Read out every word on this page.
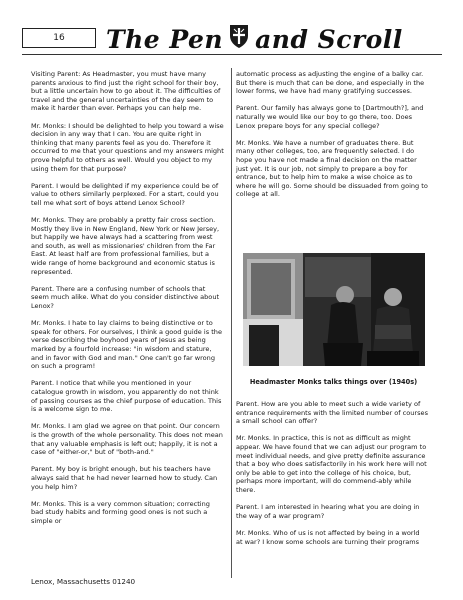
16	The Pen and Scroll

Visiting Parent: As Headmaster, you must have many parents anxious to find just the right school for their boy, but a little uncertain how to go about it. The difficulties of travel and the general uncertainties of the day seem to make it harder than ever. Perhaps you can help me.

Mr. Monks: I should be delighted to help you toward a wise decision in any way that I can. You are quite right in thinking that many parents feel as you do. Therefore it occurred to me that your questions and my answers might prove helpful to others as well. Would you object to my using them for that purpose?

Parent. I would be delighted if my experience could be of value to others similarly perplexed. For a start, could you tell me what sort of boys attend Lenox School?

Mr. Monks. They are probably a pretty fair cross section. Mostly they live in New England, New York or New Jersey, but happily we have always had a scattering from west and south, as well as missionaries' children from the Far East. At least half are from professional families, but a wide range of home background and economic status is represented.

Parent. There are a confusing number of schools that seem much alike. What do you consider distinctive about Lenox?

Mr. Monks. I hate to lay claims to being distinctive or to speak for others. For ourselves, I think a good guide is the verse describing the boyhood years of Jesus as being marked by a fourfold increase: "in wisdom and stature, and in favor with God and man." One can't go far wrong on such a program!

Parent. I notice that while you mentioned in your catalogue growth in wisdom, you apparently do not think of passing courses as the chief purpose of education. This is a welcome sign to me.

Mr. Monks. I am glad we agree on that point. Our concern is the growth of the whole personality. This does not mean that any valuable emphasis is left out; happily, it is not a case of "either-or," but of "both-and."

Parent. My boy is bright enough, but his teachers have always said that he had never learned how to study. Can you help him?

Mr. Monks. This is a very common situation; correcting bad study habits and forming good ones is not such a simple or

automatic process as adjusting the engine of a balky car. But there is much that can be done, and especially in the lower forms, we have had many gratifying successes.

Parent. Our family has always gone to [Dartmouth?], and naturally we would like our boy to go there, too. Does Lenox prepare boys for any special college?

Mr. Monks. We have a number of graduates there. But many other colleges, too, are frequently selected. I do hope you have not made a final decision on the matter just yet. It is our job, not simply to prepare a boy for entrance, but to help him to make a wise choice as to where he will go. Some should be dissuaded from going to college at all.

Parent. How are you able to meet such a wide variety of entrance requirements with the limited number of courses a small school can offer?

Mr. Monks. In practice, this is not as difficult as might appear. We have found that we can adjust our program to meet individual needs, and give pretty definite assurance that a boy who does satisfactorily in his work here will not only be able to get into the college of his choice, but, perhaps more important, will do commend-ably while there.

Parent. I am interested in hearing what you are doing in the way of a war program?

Mr. Monks. Who of us is not affected by being in a world at war? I know some schools are turning their programs

Headmaster Monks talks things over (1940s)
Lenox, Massachusetts 01240
